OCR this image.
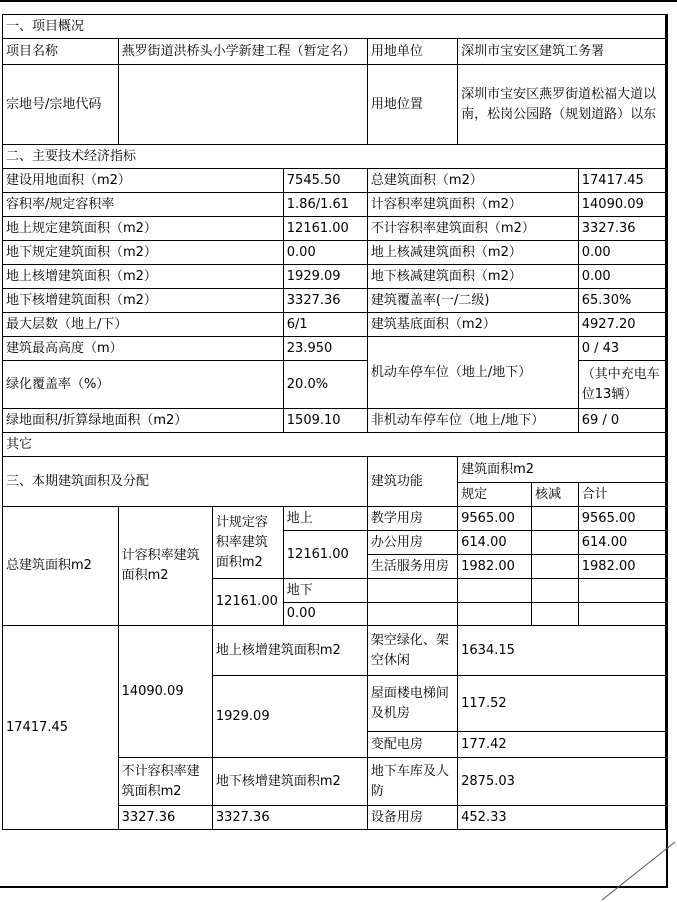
一、项目概况							
项目名称	燕罗街道洪桥头小学新建工程（暂定名）			用地单位	深圳市宝安区建筑工务署		
宗地号/宗地代码				用地位置	深圳市宝安区燕罗街道松福大道以南，松岗公园路（规划道路）以东		
二、主要技术经济指标							
建设用地面积（m2）			7545.50	总建筑面积（m2）			17417.45
容积率/规定容积率			1.86/1.61	计容积率建筑面积（m2）			14090.09
地上规定建筑面积（m2）			12161.00	不计容积率建筑面积（m2）			3327.36
地下规定建筑面积（m2）			0.00	地上核减建筑面积（m2）			0.00
地上核增建筑面积（m2）			1929.09	地下核减建筑面积（m2）			0.00
地下核增建筑面积（m2）			3327.36	建筑覆盖率(一/二级)			65.30%
最大层数（地上/下）			6/1	建筑基底面积（m2）			4927.20
建筑最高高度（m）			23.950	机动车停车位（地上/地下）			0 / 43
绿化覆盖率（%）			20.0%				（其中充电车位13辆）
绿地面积/折算绿地面积（m2）			1509.10	非机动车停车位（地上/地下）			69 / 0
其它							
三、本期建筑面积及分配				建筑功能	建筑面积m2		
					规定	核减	合计
总建筑面积m2	计容积率建筑面积m2	计规定容积率建筑面积m2	地上	教学用房	9565.00		9565.00
			12161.00	办公用房	614.00		614.00
				生活服务用房	1982.00		1982.00
		12161.00	地下				
			0.00				
17417.45	14090.09	地上核增建筑面积m2		架空绿化、架空休闲	1634.15		
		1929.09		屋面楼电梯间及机房	117.52		
				变配电房	177.42		
	不计容积率建筑面积m2	地下核增建筑面积m2		地下车库及人防	2875.03		
	3327.36	3327.36		设备用房	452.33		
